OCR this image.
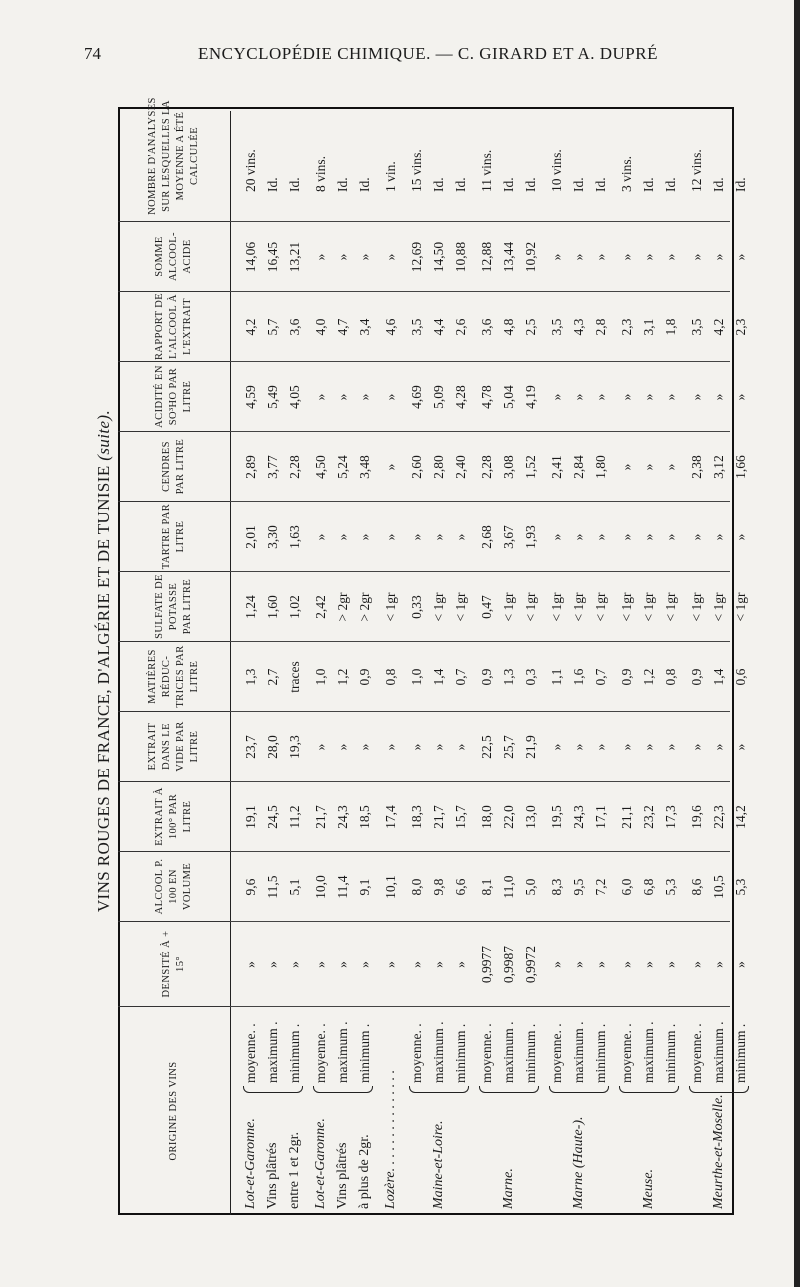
74	ENCYCLOPÉDIE CHIMIQUE. — C. GIRARD ET A. DUPRÉ
VINS ROUGES DE FRANCE, D'ALGÉRIE ET DE TUNISIE (suite).
ORIGINE DES VINS
DENSITÉ À + 15°
ALCOOL P. 100 EN VOLUME
EXTRAIT À 100° PAR LITRE
EXTRAIT DANS LE VIDE PAR LITRE
MATIÈRES RÉDUC- TRICES PAR LITRE
SULFATE DE POTASSE PAR LITRE
TARTRE PAR LITRE
CENDRES PAR LITRE
ACIDITÉ EN SO³HO PAR LITRE
RAPPORT DE L'ALCOOL À L'EXTRAIT
SOMME ALCOOL- ACIDE
NOMBRE D'ANALYSES SUR LESQUELLES LA MOYENNE A ÉTÉ CALCULÉE
Lot-et-Garonne. Vins plâtrés entre 1 et 2gr.
moyenne. .
»
9,6
19,1
23,7
1,3
1,24
2,01
2,89
4,59
4,2
14,06
20 vins.
maximum .
»
11,5
24,5
28,0
2,7
1,60
3,30
3,77
5,49
5,7
16,45
Id.
minimum .
»
5,1
11,2
19,3
traces
1,02
1,63
2,28
4,05
3,6
13,21
Id.
Lot-et-Garonne. Vins plâtrés à plus de 2gr.
moyenne. .
»
10,0
21,7
»
1,0
2,42
»
4,50
»
4,0
»
8 vins.
maximum .
»
11,4
24,3
»
1,2
> 2gr
»
5,24
»
4,7
»
Id.
minimum .
»
9,1
18,5
»
0,9
> 2gr
»
3,48
»
3,4
»
Id.
Lozère. . . . . . . . . . . . . . .
»
10,1
17,4
»
0,8
< 1gr
»
»
»
4,6
»
1 vin.
Maine-et-Loire.
moyenne. .
»
8,0
18,3
»
1,0
0,33
»
2,60
4,69
3,5
12,69
15 vins.
maximum .
»
9,8
21,7
»
1,4
< 1gr
»
2,80
5,09
4,4
14,50
Id.
minimum .
»
6,6
15,7
»
0,7
< 1gr
»
2,40
4,28
2,6
10,88
Id.
Marne.
moyenne. .
0,9977
8,1
18,0
22,5
0,9
0,47
2,68
2,28
4,78
3,6
12,88
11 vins.
maximum .
0,9987
11,0
22,0
25,7
1,3
< 1gr
3,67
3,08
5,04
4,8
13,44
Id.
minimum .
0,9972
5,0
13,0
21,9
0,3
< 1gr
1,93
1,52
4,19
2,5
10,92
Id.
Marne (Haute-).
moyenne. .
»
8,3
19,5
»
1,1
< 1gr
»
2,41
»
3,5
»
10 vins.
maximum .
»
9,5
24,3
»
1,6
< 1gr
»
2,84
»
4,3
»
Id.
minimum .
»
7,2
17,1
»
0,7
< 1gr
»
1,80
»
2,8
»
Id.
Meuse.
moyenne. .
»
6,0
21,1
»
0,9
< 1gr
»
»
»
2,3
»
3 vins.
maximum .
»
6,8
23,2
»
1,2
< 1gr
»
»
»
3,1
»
Id.
minimum .
»
5,3
17,3
»
0,8
< 1gr
»
»
»
1,8
»
Id.
Meurthe-et-Moselle.
moyenne. .
»
8,6
19,6
»
0,9
< 1gr
»
2,38
»
3,5
»
12 vins.
maximum .
»
10,5
22,3
»
1,4
< 1gr
»
3,12
»
4,2
»
Id.
minimum .
»
5,3
14,2
»
0,6
< 1gr
»
1,66
»
2,3
»
Id.
